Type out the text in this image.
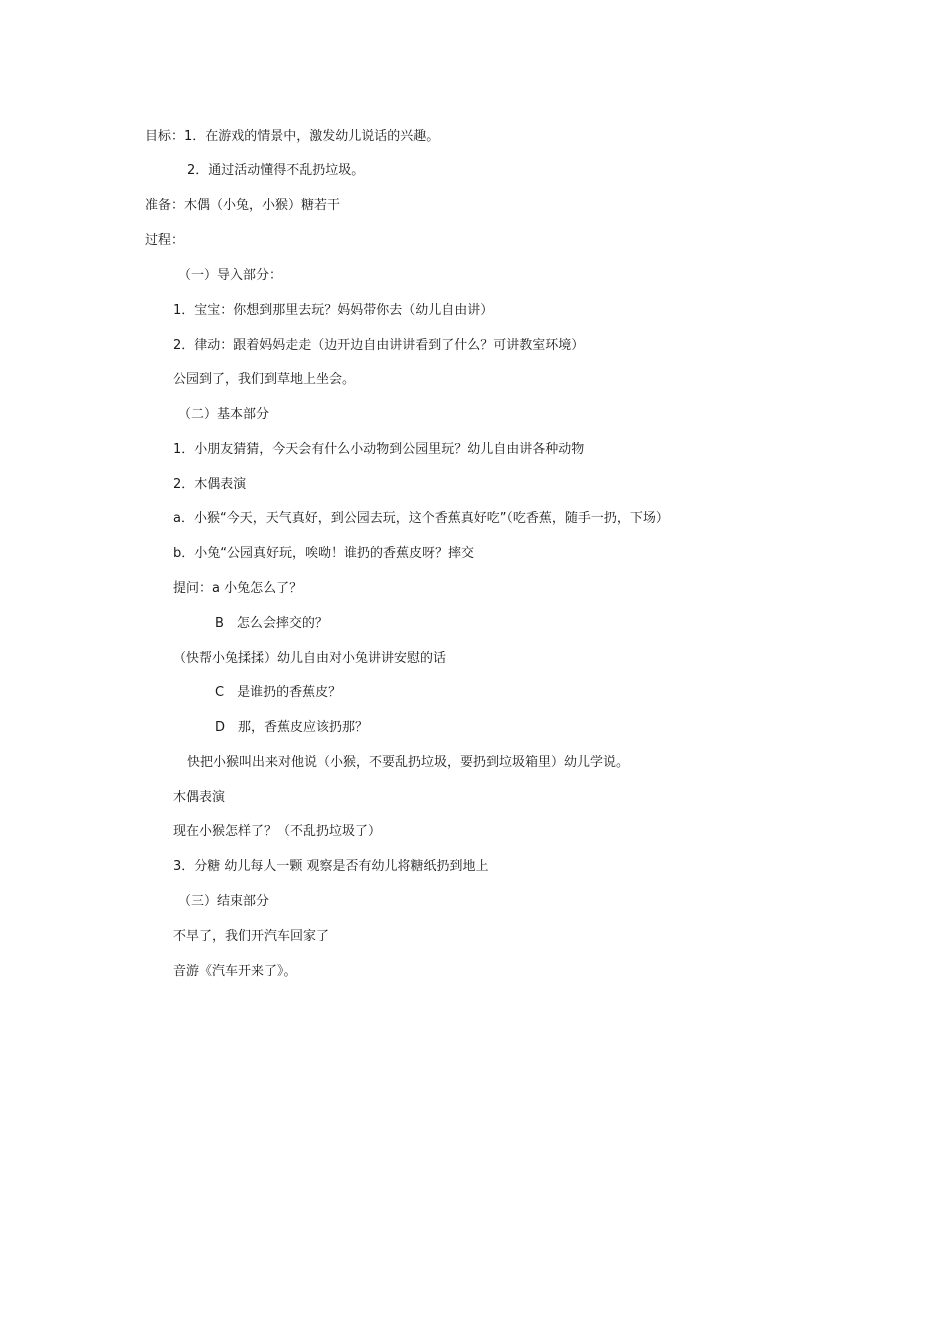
目标：1．在游戏的情景中，激发幼儿说话的兴趣。
2．通过活动懂得不乱扔垃圾。
准备：木偶（小兔，小猴）糖若干
过程：
（一）导入部分：
1．宝宝：你想到那里去玩？妈妈带你去（幼儿自由讲）
2．律动：跟着妈妈走走（边开边自由讲讲看到了什么？可讲教室环境）
公园到了，我们到草地上坐会。
（二）基本部分
1．小朋友猜猜，今天会有什么小动物到公园里玩？幼儿自由讲各种动物
2．木偶表演
a．小猴“今天，天气真好，到公园去玩，这个香蕉真好吃”（吃香蕉，随手一扔，下场）
b．小兔“公园真好玩，唉呦！谁扔的香蕉皮呀？摔交
提问：a 小兔怎么了？
B　怎么会摔交的？
（快帮小兔揉揉）幼儿自由对小兔讲讲安慰的话
C　是谁扔的香蕉皮？
D　那，香蕉皮应该扔那？
快把小猴叫出来对他说（小猴，不要乱扔垃圾，要扔到垃圾箱里）幼儿学说。
木偶表演
现在小猴怎样了？（不乱扔垃圾了）
3．分糖 幼儿每人一颗 观察是否有幼儿将糖纸扔到地上
（三）结束部分
不早了，我们开汽车回家了
音游《汽车开来了》。
